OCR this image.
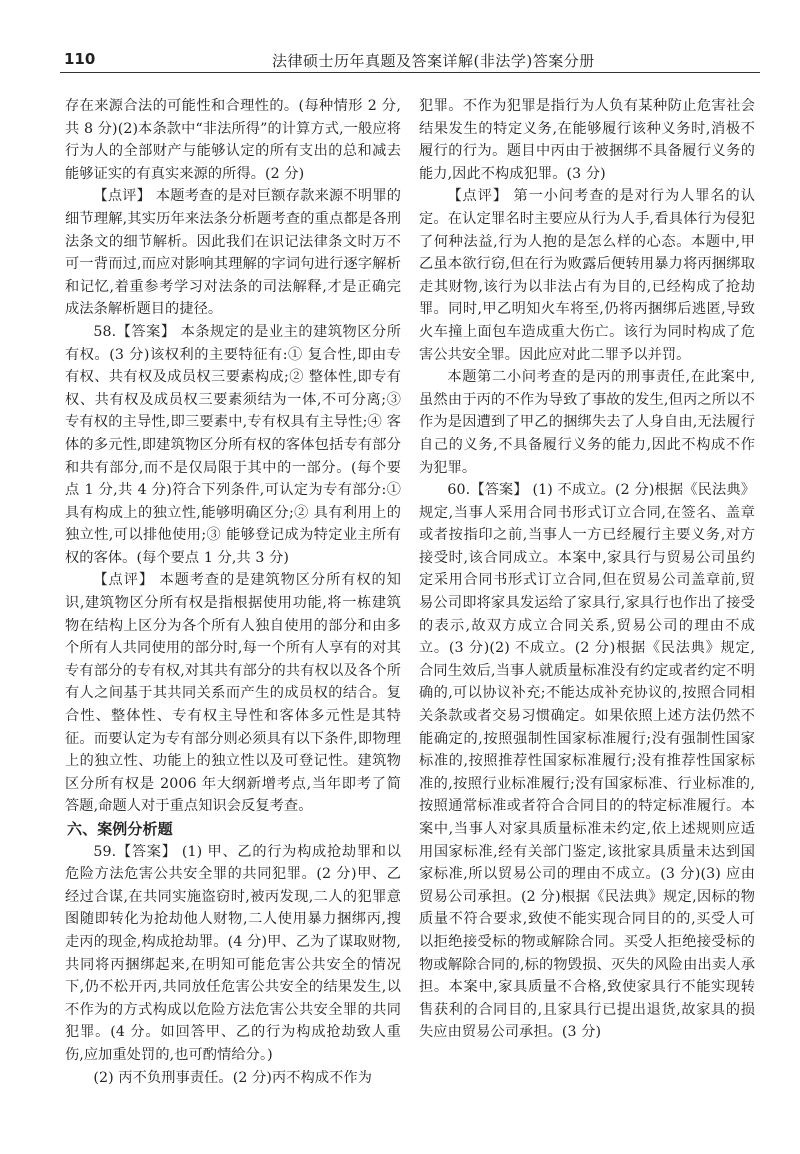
110	法律硕士历年真题及答案详解(非法学)答案分册

存在来源合法的可能性和合理性的。(每种情形 2 分,共 8 分)(2)本条款中“非法所得”的计算方式,一般应将行为人的全部财产与能够认定的所有支出的总和减去能够证实的有真实来源的所得。(2 分)

【点评】 本题考查的是对巨额存款来源不明罪的细节理解,其实历年来法条分析题考查的重点都是各刑法条文的细节解析。因此我们在识记法律条文时万不可一背而过,而应对影响其理解的字词句进行逐字解析和记忆,着重参考学习对法条的司法解释,才是正确完成法条解析题目的捷径。

58.【答案】 本条规定的是业主的建筑物区分所有权。(3 分)该权利的主要特征有:① 复合性,即由专有权、共有权及成员权三要素构成;② 整体性,即专有权、共有权及成员权三要素须结为一体,不可分离;③ 专有权的主导性,即三要素中,专有权具有主导性;④ 客体的多元性,即建筑物区分所有权的客体包括专有部分和共有部分,而不是仅局限于其中的一部分。(每个要点 1 分,共 4 分)符合下列条件,可认定为专有部分:① 具有构成上的独立性,能够明确区分;② 具有利用上的独立性,可以排他使用;③ 能够登记成为特定业主所有权的客体。(每个要点 1 分,共 3 分)

【点评】 本题考查的是建筑物区分所有权的知识,建筑物区分所有权是指根据使用功能,将一栋建筑物在结构上区分为各个所有人独自使用的部分和由多个所有人共同使用的部分时,每一个所有人享有的对其专有部分的专有权,对其共有部分的共有权以及各个所有人之间基于其共同关系而产生的成员权的结合。复合性、整体性、专有权主导性和客体多元性是其特征。而要认定为专有部分则必须具有以下条件,即物理上的独立性、功能上的独立性以及可登记性。建筑物区分所有权是 2006 年大纲新增考点,当年即考了简答题,命题人对于重点知识会反复考查。

六、案例分析题

59.【答案】 (1) 甲、乙的行为构成抢劫罪和以危险方法危害公共安全罪的共同犯罪。(2 分)甲、乙经过合谋,在共同实施盗窃时,被丙发现,二人的犯罪意图随即转化为抢劫他人财物,二人使用暴力捆绑丙,搜走丙的现金,构成抢劫罪。(4 分)甲、乙为了谋取财物,共同将丙捆绑起来,在明知可能危害公共安全的情况下,仍不松开丙,共同放任危害公共安全的结果发生,以不作为的方式构成以危险方法危害公共安全罪的共同犯罪。(4 分。如回答甲、乙的行为构成抢劫致人重伤,应加重处罚的,也可酌情给分。)

(2) 丙不负刑事责任。(2 分)丙不构成不作为

犯罪。不作为犯罪是指行为人负有某种防止危害社会结果发生的特定义务,在能够履行该种义务时,消极不履行的行为。题目中丙由于被捆绑不具备履行义务的能力,因此不构成犯罪。(3 分)

【点评】 第一小问考查的是对行为人罪名的认定。在认定罪名时主要应从行为人手,看具体行为侵犯了何种法益,行为人抱的是怎么样的心态。本题中,甲乙虽本欲行窃,但在行为败露后便转用暴力将丙捆绑取走其财物,该行为以非法占有为目的,已经构成了抢劫罪。同时,甲乙明知火车将至,仍将丙捆绑后逃匿,导致火车撞上面包车造成重大伤亡。该行为同时构成了危害公共安全罪。因此应对此二罪予以并罚。

本题第二小问考查的是丙的刑事责任,在此案中,虽然由于丙的不作为导致了事故的发生,但丙之所以不作为是因遭到了甲乙的捆绑失去了人身自由,无法履行自己的义务,不具备履行义务的能力,因此不构成不作为犯罪。

60.【答案】 (1) 不成立。(2 分)根据《民法典》规定,当事人采用合同书形式订立合同,在签名、盖章或者按指印之前,当事人一方已经履行主要义务,对方接受时,该合同成立。本案中,家具行与贸易公司虽约定采用合同书形式订立合同,但在贸易公司盖章前,贸易公司即将家具发运给了家具行,家具行也作出了接受的表示,故双方成立合同关系,贸易公司的理由不成立。(3 分)(2) 不成立。(2 分)根据《民法典》规定,合同生效后,当事人就质量标准没有约定或者约定不明确的,可以协议补充;不能达成补充协议的,按照合同相关条款或者交易习惯确定。如果依照上述方法仍然不能确定的,按照强制性国家标准履行;没有强制性国家标准的,按照推荐性国家标准履行;没有推荐性国家标准的,按照行业标准履行;没有国家标准、行业标准的,按照通常标准或者符合合同目的的特定标准履行。本案中,当事人对家具质量标准未约定,依上述规则应适用国家标准,经有关部门鉴定,该批家具质量未达到国家标准,所以贸易公司的理由不成立。(3 分)(3) 应由贸易公司承担。(2 分)根据《民法典》规定,因标的物质量不符合要求,致使不能实现合同目的的,买受人可以拒绝接受标的物或解除合同。买受人拒绝接受标的物或解除合同的,标的物毁损、灭失的风险由出卖人承担。本案中,家具质量不合格,致使家具行不能实现转售获利的合同目的,且家具行已提出退货,故家具的损失应由贸易公司承担。(3 分)
